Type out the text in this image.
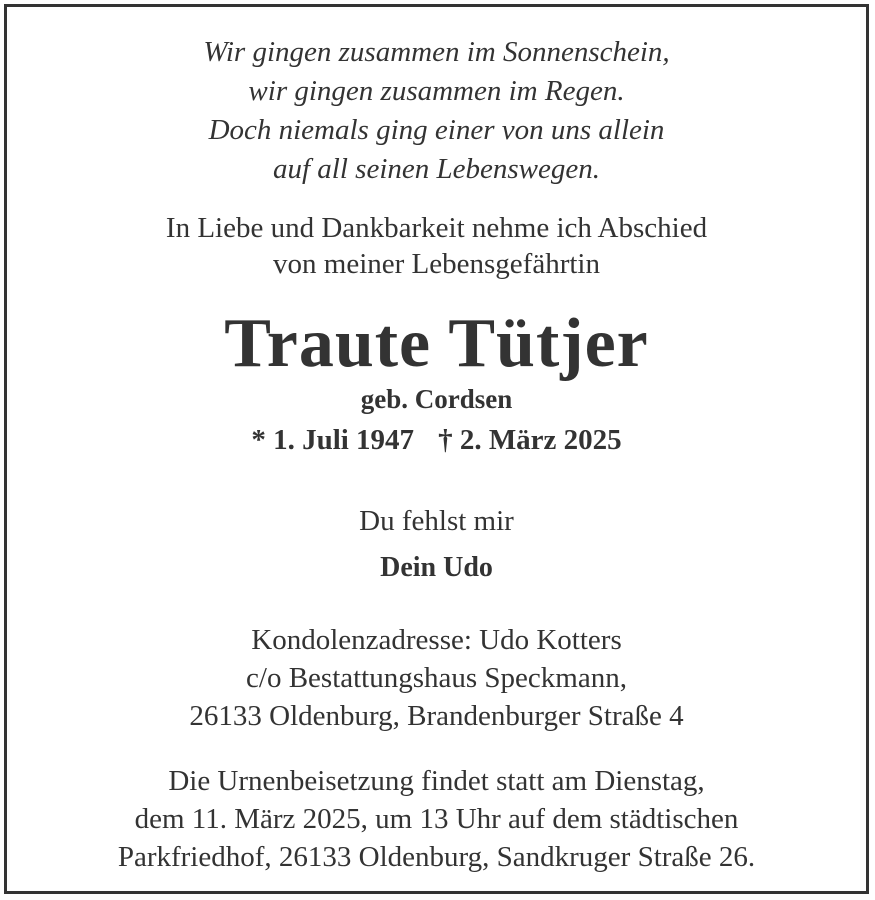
Wir gingen zusammen im Sonnenschein,
wir gingen zusammen im Regen.
Doch niemals ging einer von uns allein
auf all seinen Lebenswegen.
In Liebe und Dankbarkeit nehme ich Abschied
von meiner Lebensgefährtin
Traute Tütjer
geb. Cordsen
* 1. Juli 1947 † 2. März 2025
Du fehlst mir
Dein Udo
Kondolenzadresse: Udo Kotters
c/o Bestattungshaus Speckmann,
26133 Oldenburg, Brandenburger Straße 4
Die Urnenbeisetzung findet statt am Dienstag,
dem 11. März 2025, um 13 Uhr auf dem städtischen
Parkfriedhof, 26133 Oldenburg, Sandkruger Straße 26.
